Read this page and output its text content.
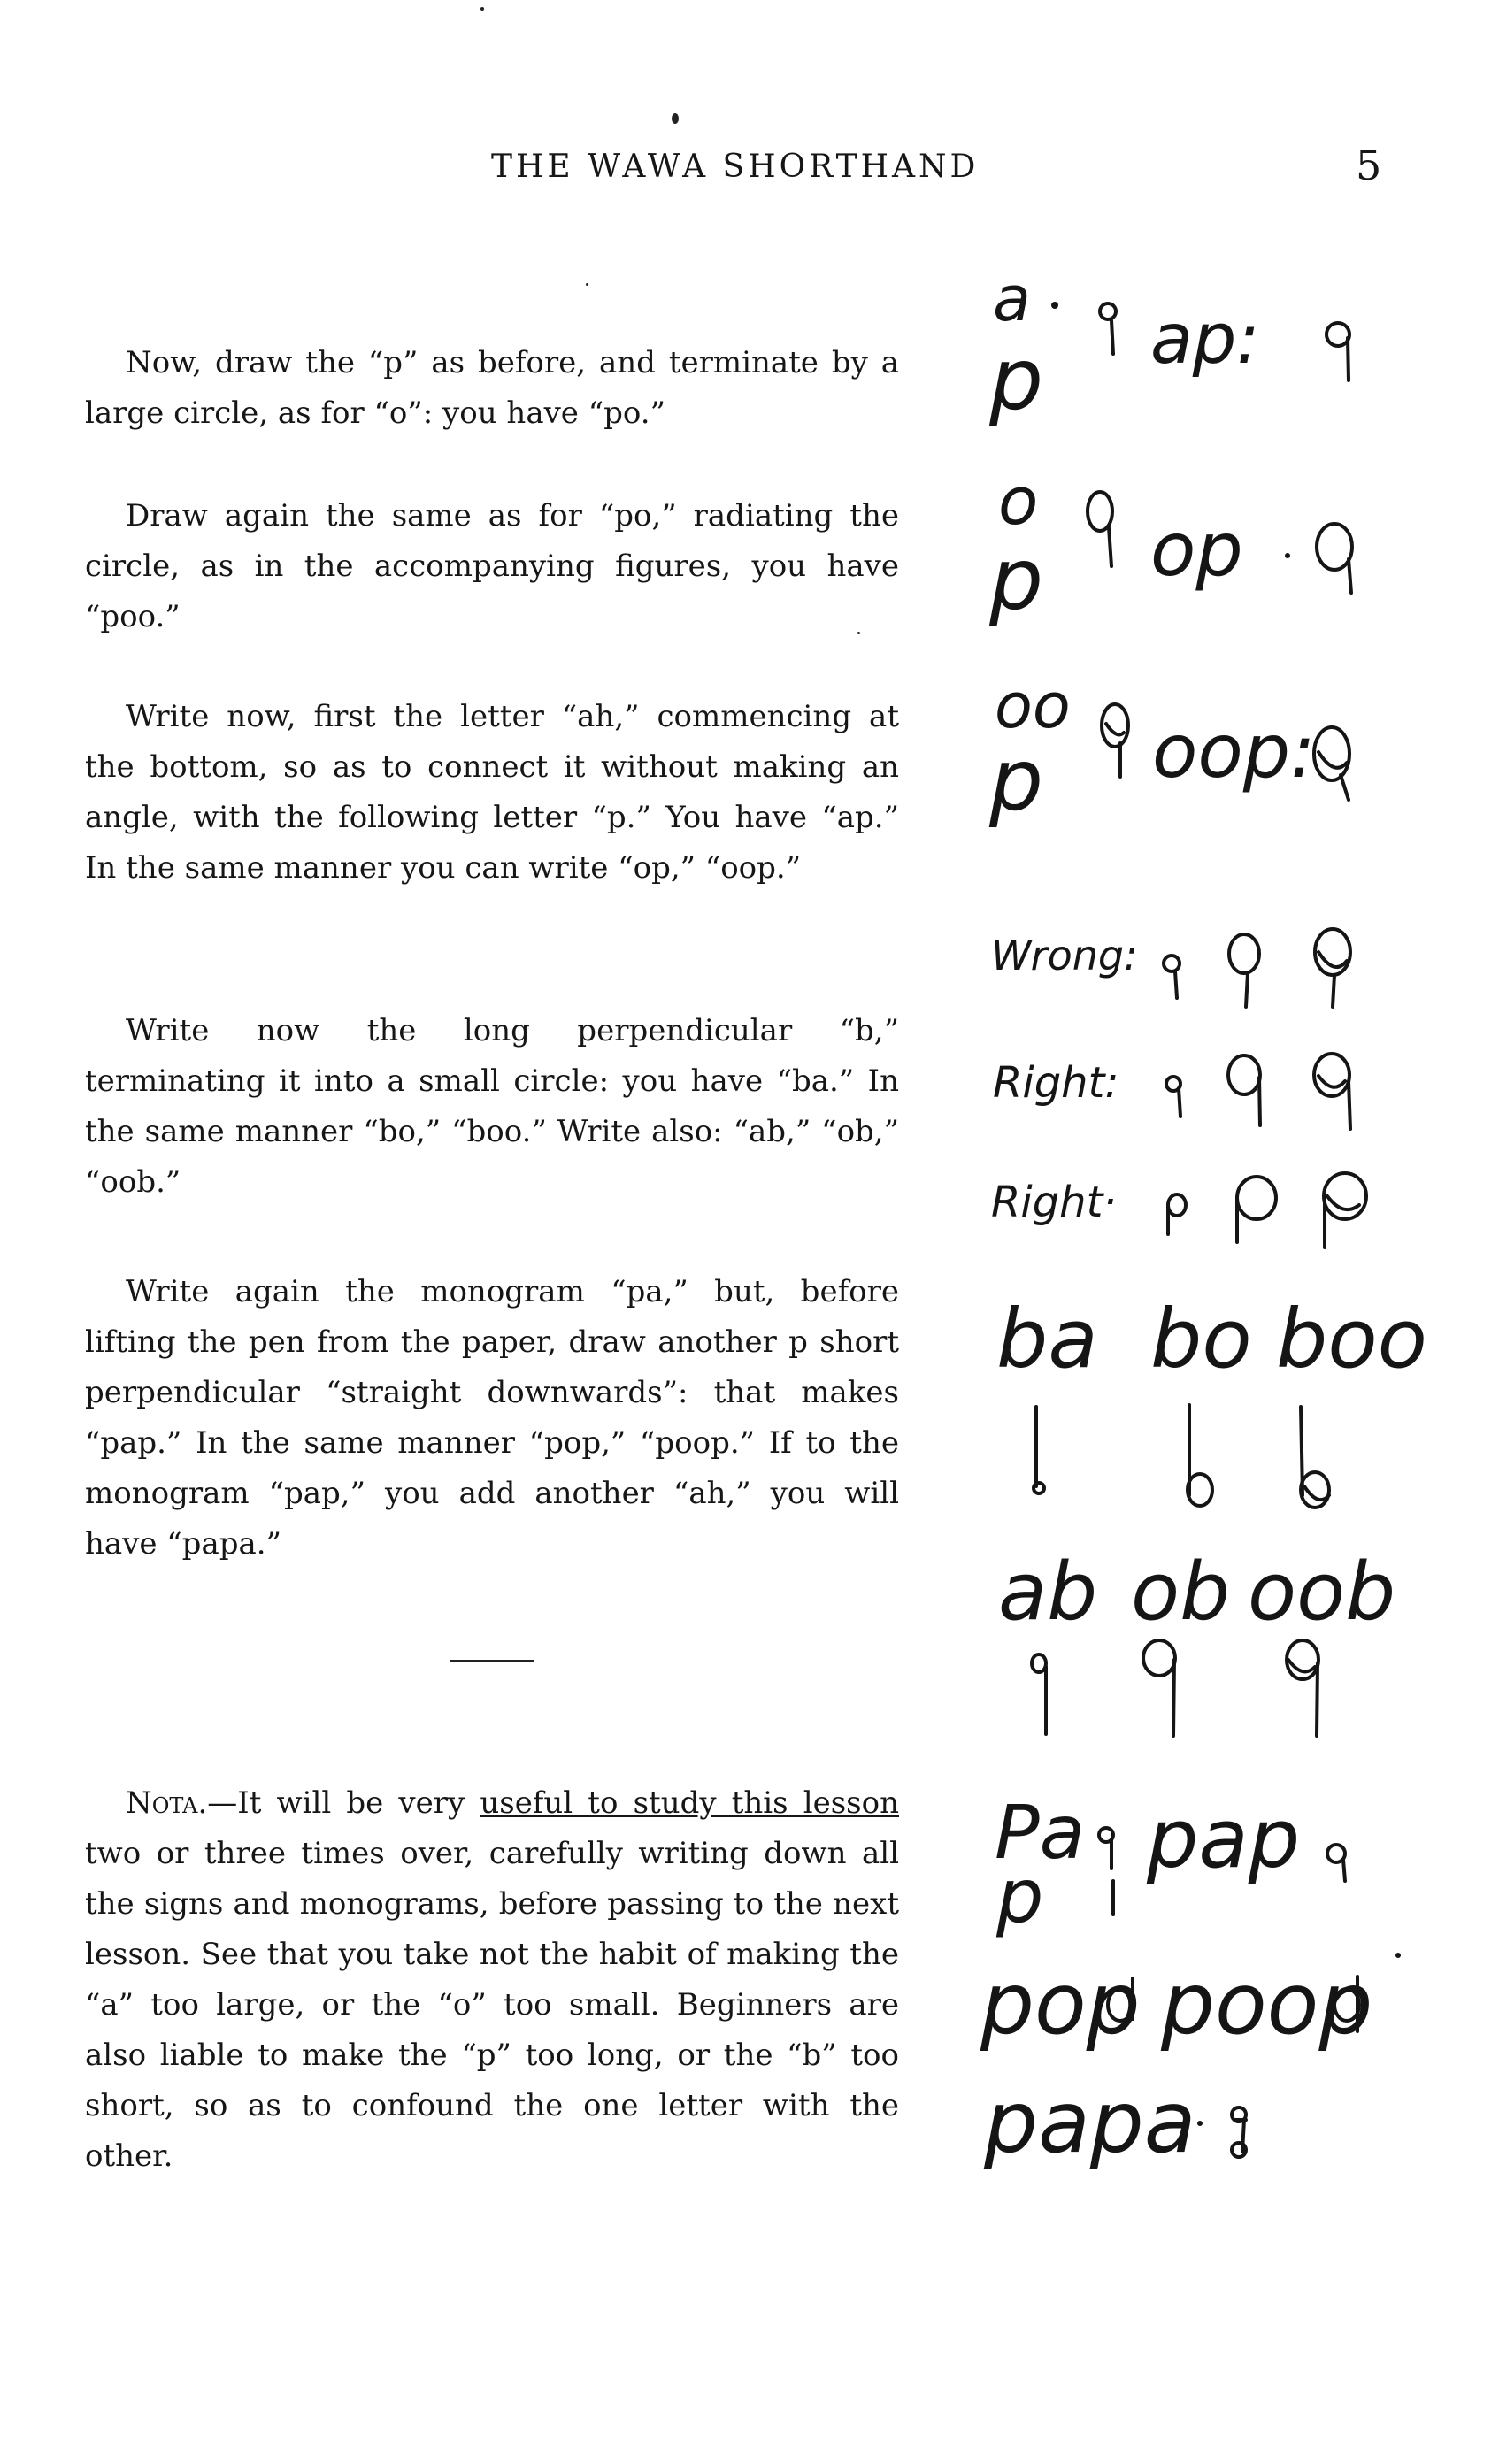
THE WAWA SHORTHAND	5

Now, draw the “p” as before, and terminate by a large circle, as for “o”: you have “po.”

Draw again the same as for “po,” radiating the circle, as in the accompanying figures, you have “poo.”

Write now, first the letter “ah,” commencing at the bottom, so as to connect it without making an angle, with the following letter “p.” You have “ap.” In the same manner you can write “op,” “oop.”

Write now the long perpendicular “b,” terminating it into a small circle: you have “ba.” In the same manner “bo,” “boo.” Write also: “ab,” “ob,” “oob.”

Write again the monogram “pa,” but, before lifting the pen from the paper, draw another p short perpendicular “straight downwards”: that makes “pap.” In the same manner “pop,” “poop.” If to the monogram “pap,” you add another “ah,” you will have “papa.”

Nota.—It will be very useful to study this lesson two or three times over, carefully writing down all the signs and monograms, before passing to the next lesson. See that you take not the habit of making the “a” too large, or the “o” too small. Beginners are also liable to make the “p” too long, or the “b” too short, so as to confound the one letter with the other.

a
p ap:
o
p op
oo
p oop:
Wrong:
Right:
Right·
ba bo boo
ab ob oob
Pa
p
pap
pop poop
papa
